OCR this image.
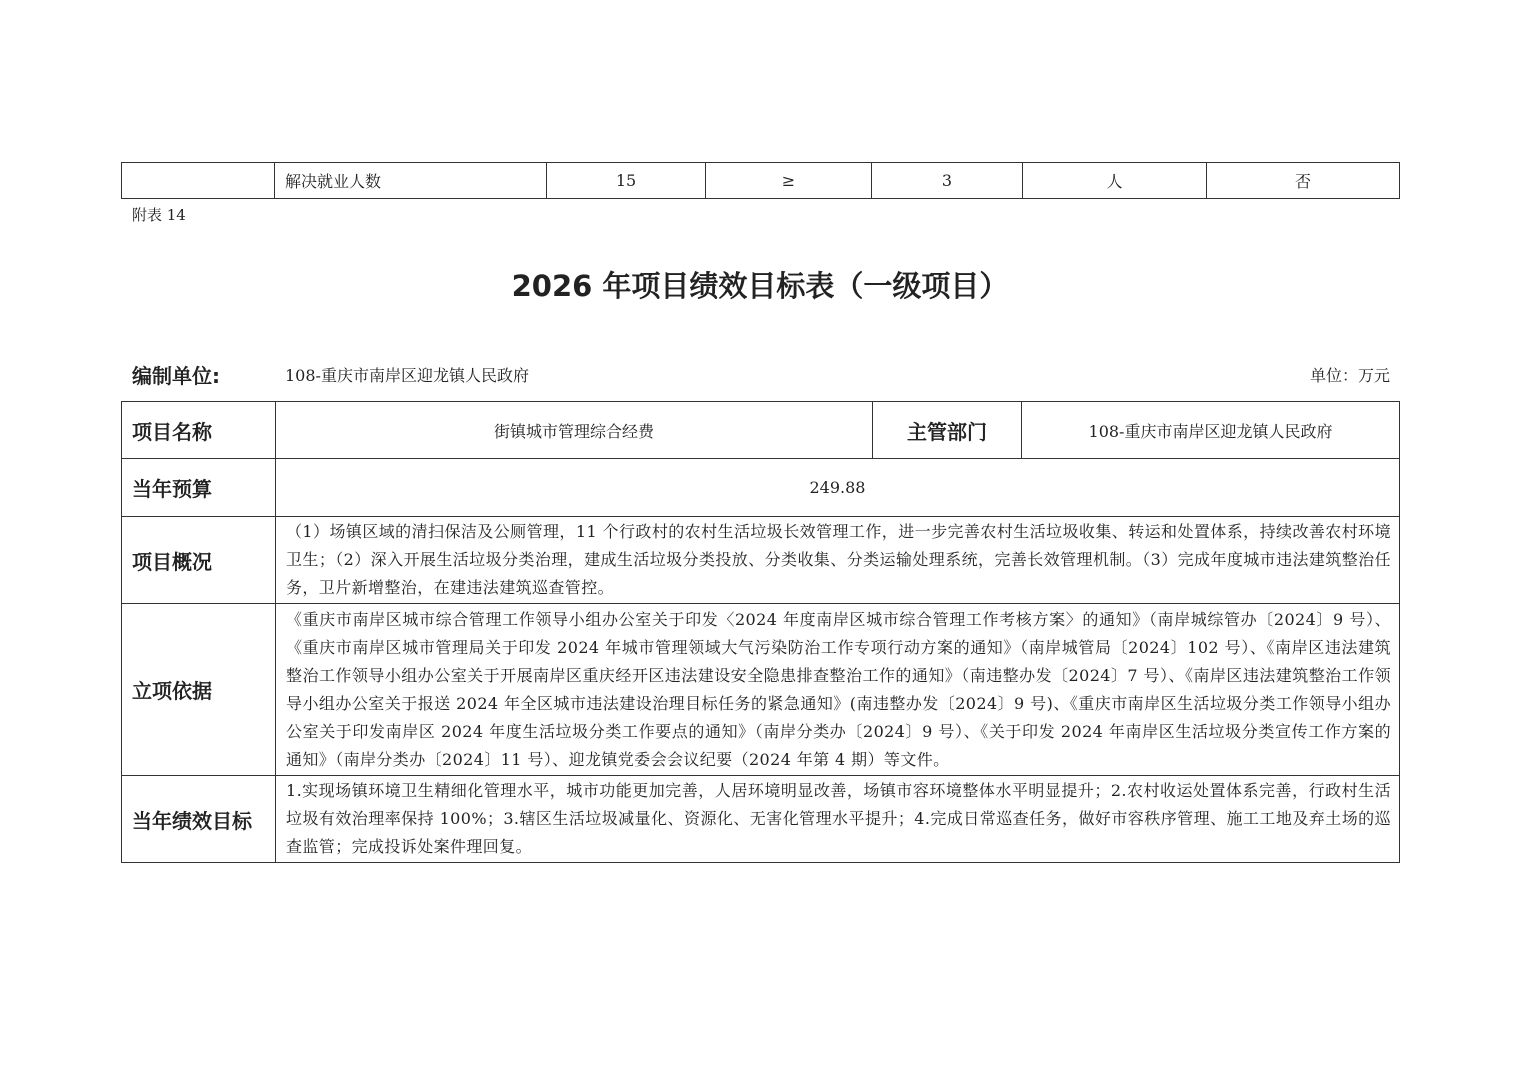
	解决就业人数	15	≥	3	人	否
附表 14
2026 年项目绩效目标表（一级项目）
编制单位:	108-重庆市南岸区迎龙镇人民政府	单位：万元
项目名称	街镇城市管理综合经费	主管部门	108-重庆市南岸区迎龙镇人民政府
当年预算	249.88		
项目概况	（1）场镇区域的清扫保洁及公厕管理，11 个行政村的农村生活垃圾长效管理工作，进一步完善农村生活垃圾收集、转运和处置体系，持续改善农村环境卫生；（2）深入开展生活垃圾分类治理，建成生活垃圾分类投放、分类收集、分类运输处理系统，完善长效管理机制。（3）完成年度城市违法建筑整治任务，卫片新增整治，在建违法建筑巡查管控。		
立项依据	《重庆市南岸区城市综合管理工作领导小组办公室关于印发〈2024 年度南岸区城市综合管理工作考核方案〉的通知》（南岸城综管办〔2024〕9 号）、《重庆市南岸区城市管理局关于印发 2024 年城市管理领域大气污染防治工作专项行动方案的通知》（南岸城管局〔2024〕102 号）、《南岸区违法建筑整治工作领导小组办公室关于开展南岸区重庆经开区违法建设安全隐患排查整治工作的通知》（南违整办发〔2024〕7 号）、《南岸区违法建筑整治工作领导小组办公室关于报送 2024 年全区城市违法建设治理目标任务的紧急通知》(南违整办发〔2024〕9 号)、《重庆市南岸区生活垃圾分类工作领导小组办公室关于印发南岸区 2024 年度生活垃圾分类工作要点的通知》（南岸分类办〔2024〕9 号）、《关于印发 2024 年南岸区生活垃圾分类宣传工作方案的通知》（南岸分类办〔2024〕11 号）、迎龙镇党委会会议纪要（2024 年第 4 期）等文件。		
当年绩效目标	1.实现场镇环境卫生精细化管理水平，城市功能更加完善，人居环境明显改善，场镇市容环境整体水平明显提升；2.农村收运处置体系完善，行政村生活垃圾有效治理率保持 100%；3.辖区生活垃圾减量化、资源化、无害化管理水平提升；4.完成日常巡查任务，做好市容秩序管理、施工工地及弃土场的巡查监管；完成投诉处案件理回复。		
